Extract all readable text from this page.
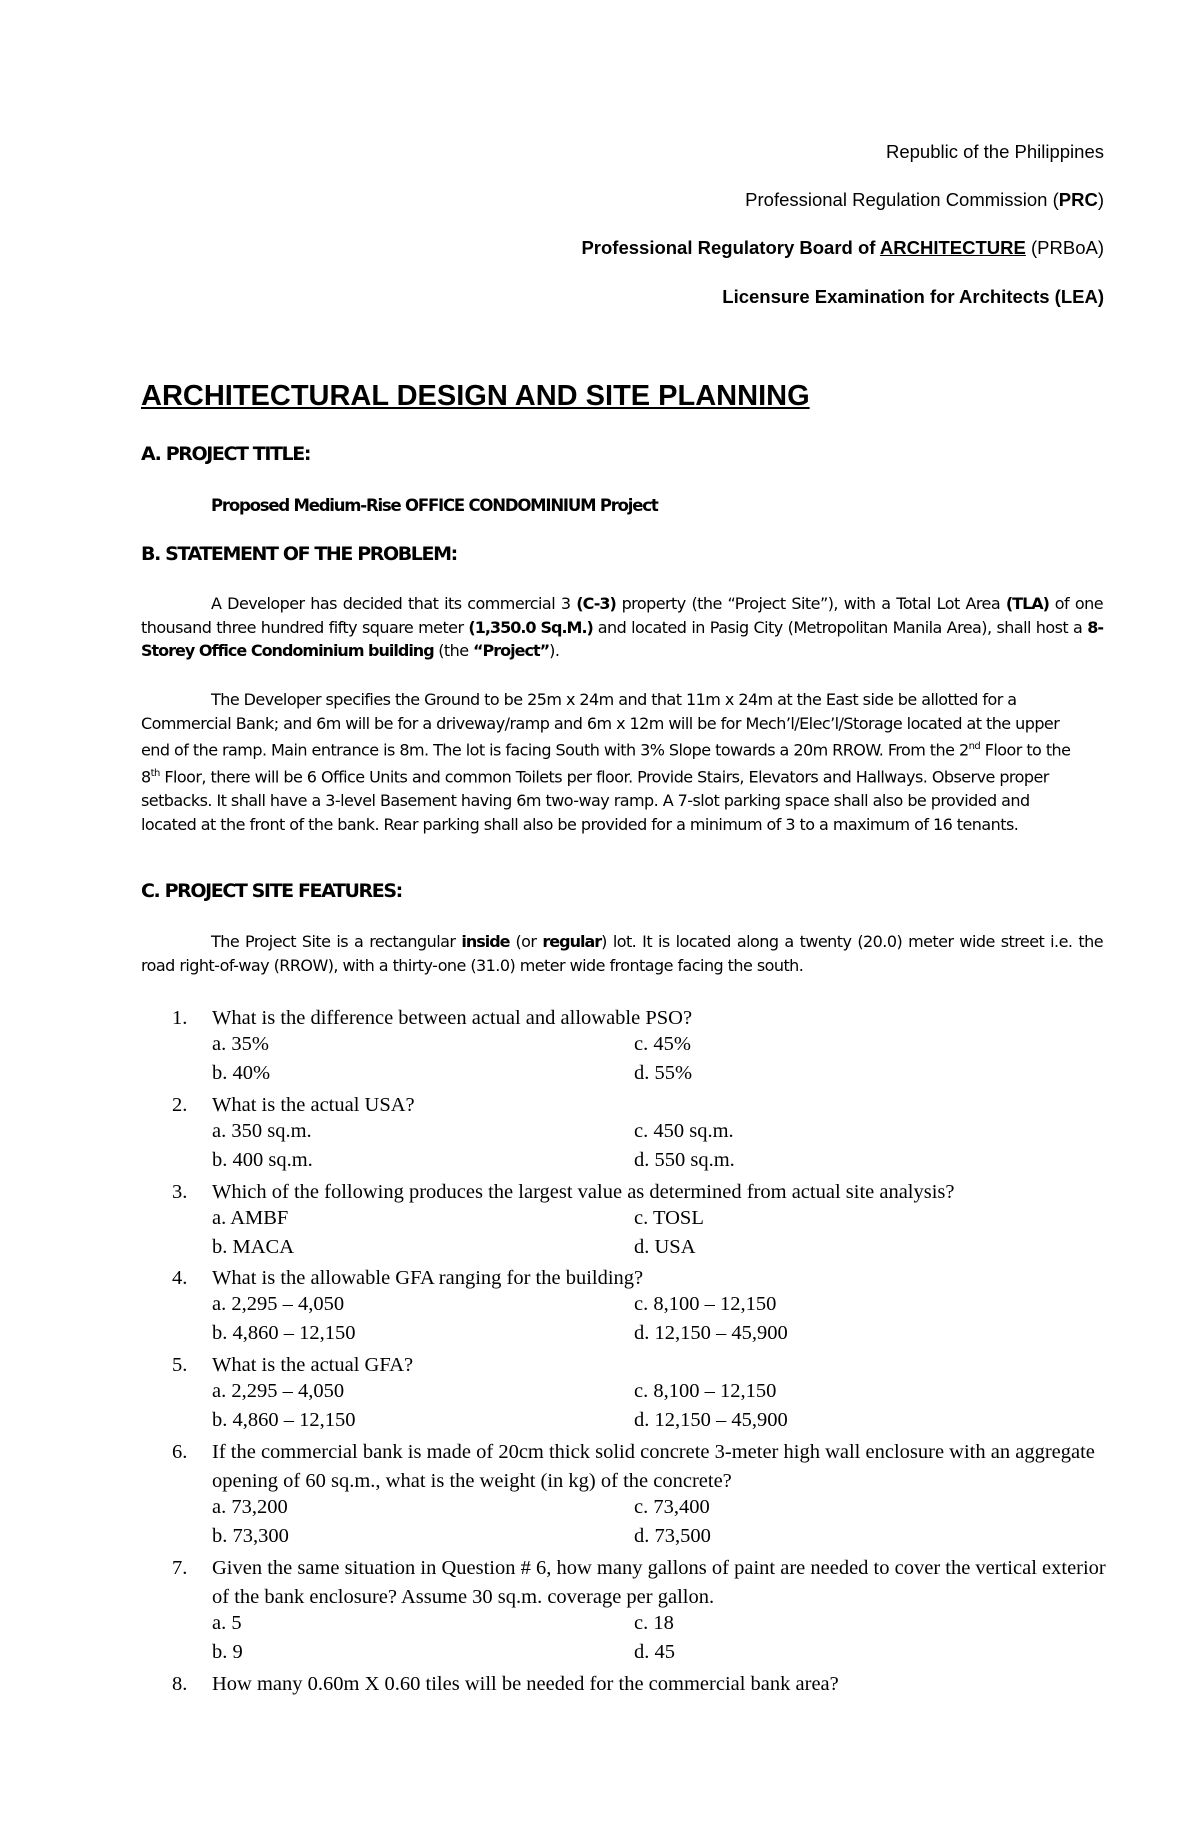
Republic of the Philippines
Professional Regulation Commission (PRC)
Professional Regulatory Board of ARCHITECTURE (PRBoA)
Licensure Examination for Architects (LEA)
ARCHITECTURAL DESIGN AND SITE PLANNING
A. PROJECT TITLE:
Proposed Medium-Rise OFFICE CONDOMINIUM Project
B. STATEMENT OF THE PROBLEM:
A Developer has decided that its commercial 3 (C-3) property (the “Project Site”), with a Total Lot Area (TLA) of one thousand three hundred fifty square meter (1,350.0 Sq.M.) and located in Pasig City (Metropolitan Manila Area), shall host a 8-Storey Office Condominium building (the “Project”).
The Developer specifies the Ground to be 25m x 24m and that 11m x 24m at the East side be allotted for a Commercial Bank; and 6m will be for a driveway/ramp and 6m x 12m will be for Mech’l/Elec’l/Storage located at the upper end of the ramp. Main entrance is 8m. The lot is facing South with 3% Slope towards a 20m RROW. From the 2nd Floor to the 8th Floor, there will be 6 Office Units and common Toilets per floor. Provide Stairs, Elevators and Hallways. Observe proper setbacks. It shall have a 3-level Basement having 6m two-way ramp. A 7-slot parking space shall also be provided and located at the front of the bank. Rear parking shall also be provided for a minimum of 3 to a maximum of 16 tenants.
C. PROJECT SITE FEATURES:
The Project Site is a rectangular inside (or regular) lot. It is located along a twenty (20.0) meter wide street i.e. the road right-of-way (RROW), with a thirty-one (31.0) meter wide frontage facing the south.
1. What is the difference between actual and allowable PSO?
a. 35%	c. 45%
b. 40%	d. 55%
2. What is the actual USA?
a. 350 sq.m.	c. 450 sq.m.
b. 400 sq.m.	d. 550 sq.m.
3. Which of the following produces the largest value as determined from actual site analysis?
a. AMBF	c. TOSL
b. MACA	d. USA
4. What is the allowable GFA ranging for the building?
a. 2,295 – 4,050	c. 8,100 – 12,150
b. 4,860 – 12,150	d. 12,150 – 45,900
5. What is the actual GFA?
a. 2,295 – 4,050	c. 8,100 – 12,150
b. 4,860 – 12,150	d. 12,150 – 45,900
6. If the commercial bank is made of 20cm thick solid concrete 3-meter high wall enclosure with an aggregate opening of 60 sq.m., what is the weight (in kg) of the concrete?
a. 73,200	c. 73,400
b. 73,300	d. 73,500
7. Given the same situation in Question # 6, how many gallons of paint are needed to cover the vertical exterior of the bank enclosure? Assume 30 sq.m. coverage per gallon.
a. 5	c. 18
b. 9	d. 45
8. How many 0.60m X 0.60 tiles will be needed for the commercial bank area?
